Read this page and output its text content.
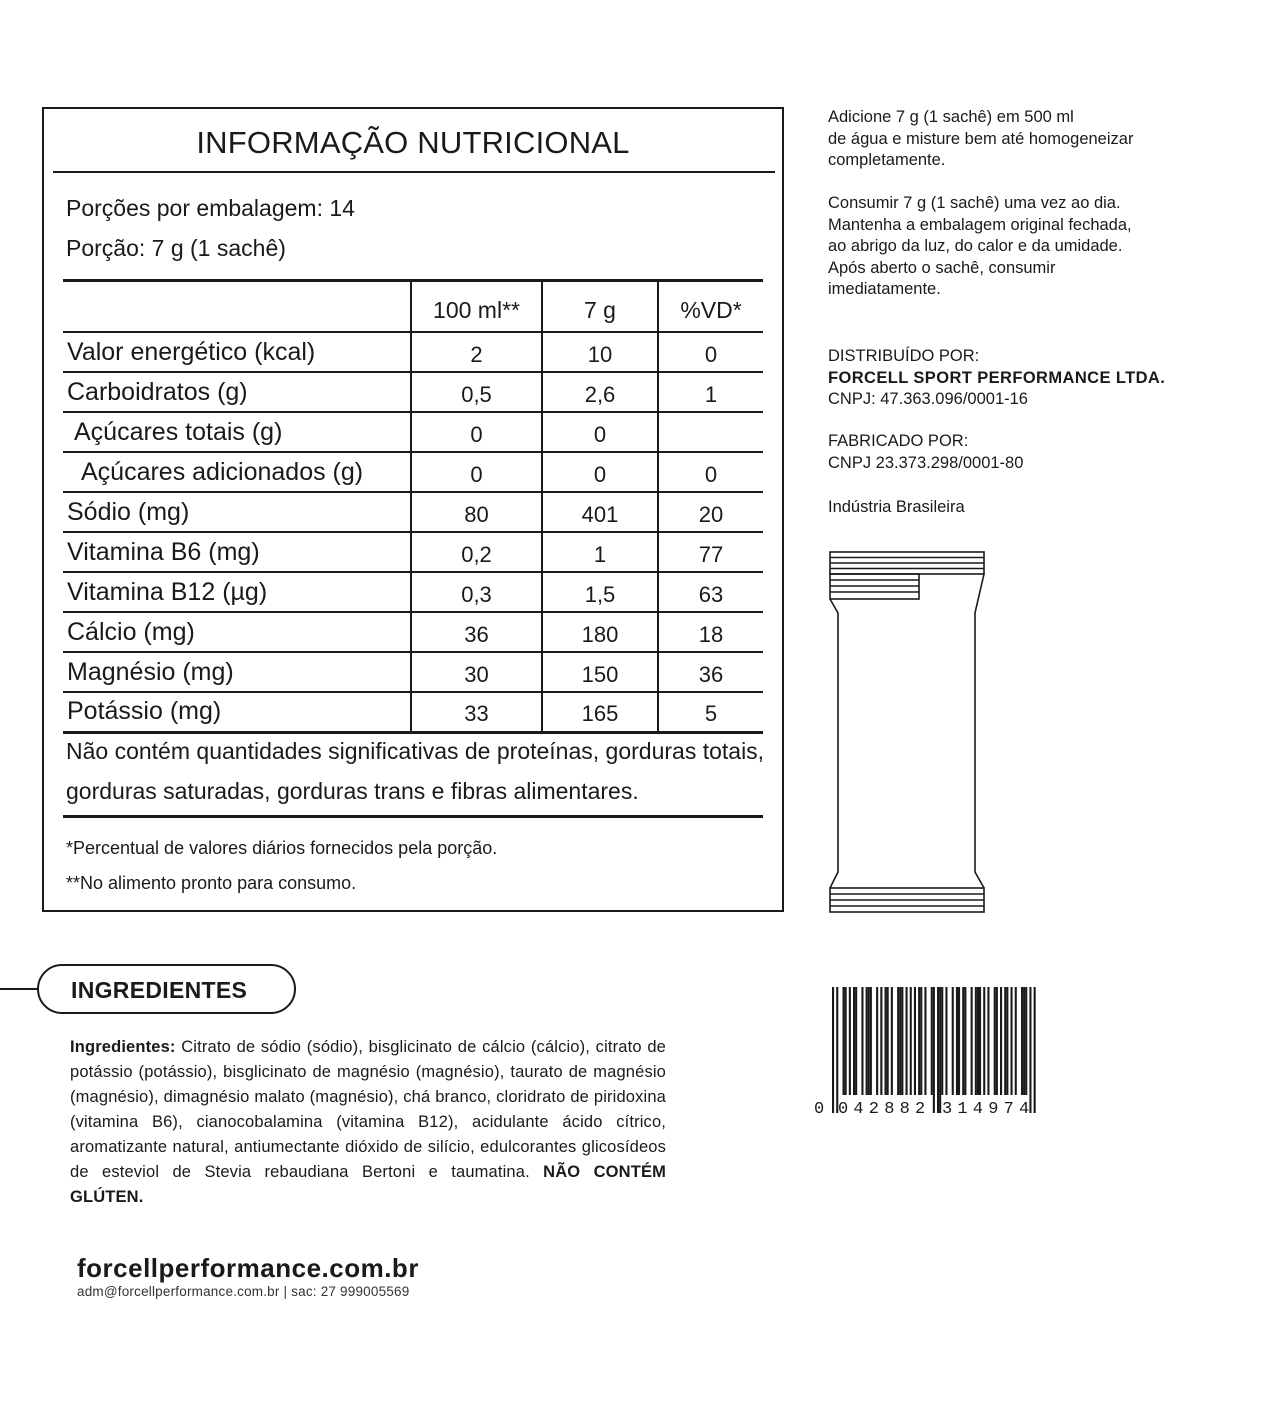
INFORMAÇÃO NUTRICIONAL
Porções por embalagem: 14
Porção: 7 g (1 sachê)
	100 ml**	7 g	%VD*
Valor energético (kcal)	2	10	0
Carboidratos (g)	0,5	2,6	1
Açúcares totais (g)	0	0	
Açúcares adicionados (g)	0	0	0
Sódio (mg)	80	401	20
Vitamina B6 (mg)	0,2	1	77
Vitamina B12 (µg)	0,3	1,5	63
Cálcio (mg)	36	180	18
Magnésio (mg)	30	150	36
Potássio (mg)	33	165	5
Não contém quantidades significativas de proteínas, gorduras totais, gorduras saturadas, gorduras trans e fibras alimentares.
*Percentual de valores diários fornecidos pela porção.
**No alimento pronto para consumo.

Adicione 7 g (1 sachê) em 500 ml
de água e misture bem até homogeneizar
completamente.

Consumir 7 g (1 sachê) uma vez ao dia.
Mantenha a embalagem original fechada,
ao abrigo da luz, do calor e da umidade.
Após aberto o sachê, consumir
imediatamente.

DISTRIBUÍDO POR:
FORCELL SPORT PERFORMANCE LTDA.
CNPJ: 47.363.096/0001-16
FABRICADO POR:
CNPJ 23.373.298/0001-80
Indústria Brasileira
0 042882 314974
INGREDIENTES
Ingredientes: Citrato de sódio (sódio), bisglicinato de cálcio (cálcio), citrato de potássio (potássio), bisglicinato de magnésio (magnésio), taurato de magnésio (magnésio), dimagnésio malato (magnésio), chá branco, cloridrato de piridoxina (vitamina B6), cianocobalamina (vitamina B12), acidulante ácido cítrico, aromatizante natural, antiumectante dióxido de silício, edulcorantes glicosídeos de esteviol de Stevia rebaudiana Bertoni e taumatina. NÃO CONTÉM GLÚTEN.
forcellperformance.com.br
adm@forcellperformance.com.br | sac: 27 999005569
